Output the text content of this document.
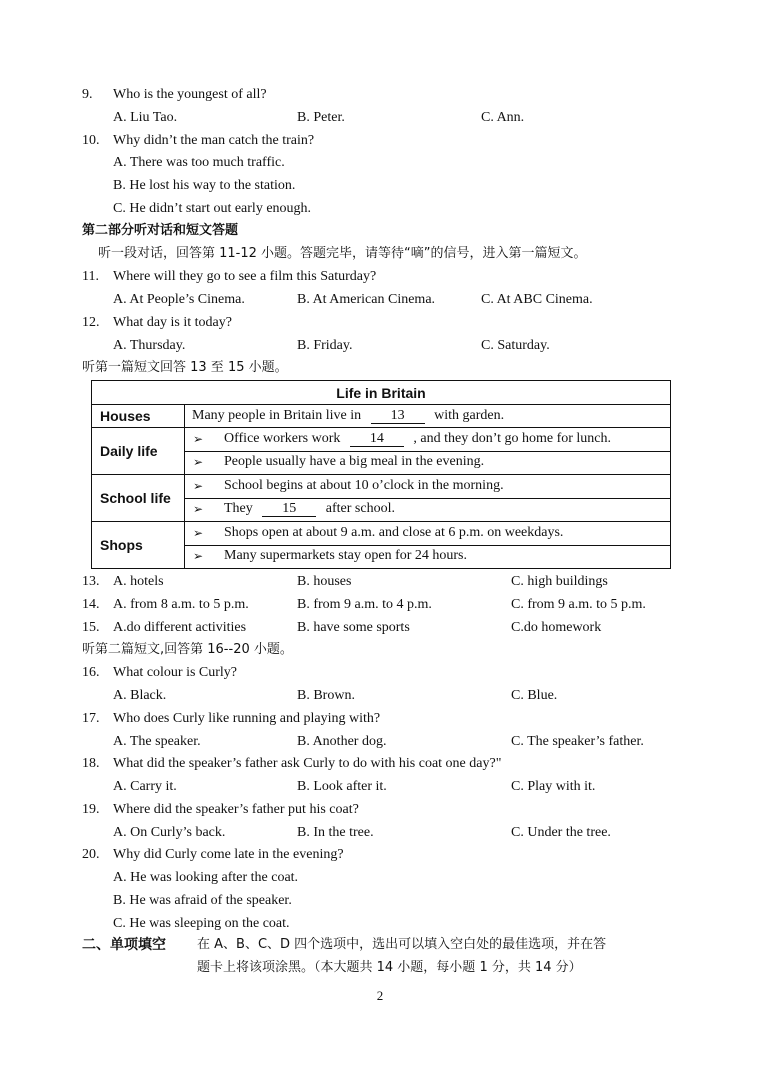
9. Who is the youngest of all?
A. Liu Tao.	B. Peter.	C. Ann.
10. Why didn’t the man catch the train?
A. There was too much traffic.
B. He lost his way to the station.
C. He didn’t start out early enough.
第二部分听对话和短文答题
听一段对话，回答第 11-12 小题。答题完毕，请等待“嘀”的信号，进入第一篇短文。
11. Where will they go to see a film this Saturday?
A. At People’s Cinema.	B. At American Cinema.	C. At ABC Cinema.
12. What day is it today?
A. Thursday.	B. Friday.	C. Saturday.
听第一篇短文回答 13 至 15 小题。
Life in Britain
Houses	Many people in Britain live in 13 with garden.
Daily life
➢ Office workers work 14 , and they don’t go home for lunch.
➢ People usually have a big meal in the evening.
School life
➢ School begins at about 10 o’clock in the morning.
➢ They 15 after school.
Shops
➢ Shops open at about 9 a.m. and close at 6 p.m. on weekdays.
➢ Many supermarkets stay open for 24 hours.
13. A. hotels	B. houses	C. high buildings
14. A. from 8 a.m. to 5 p.m.	B. from 9 a.m. to 4 p.m.	C. from 9 a.m. to 5 p.m.
15. A.do different activities	B. have some sports	C.do homework
听第二篇短文,回答第 16--20 小题。
16. What colour is Curly?
A. Black.	B. Brown.	C. Blue.
17. Who does Curly like running and playing with?
A. The speaker.	B. Another dog.	C. The speaker’s father.
18. What did the speaker’s father ask Curly to do with his coat one day?"
A. Carry it.	B. Look after it.	C. Play with it.
19. Where did the speaker’s father put his coat?
A. On Curly’s back.	B. In the tree.	C. Under the tree.
20. Why did Curly come late in the evening?
A. He was looking after the coat.
B. He was afraid of the speaker.
C. He was sleeping on the coat.
二、单项填空 在 A、B、C、D 四个选项中，选出可以填入空白处的最佳选项，并在答
题卡上将该项涂黑。（本大题共 14 小题，每小题 1 分，共 14 分）
2
